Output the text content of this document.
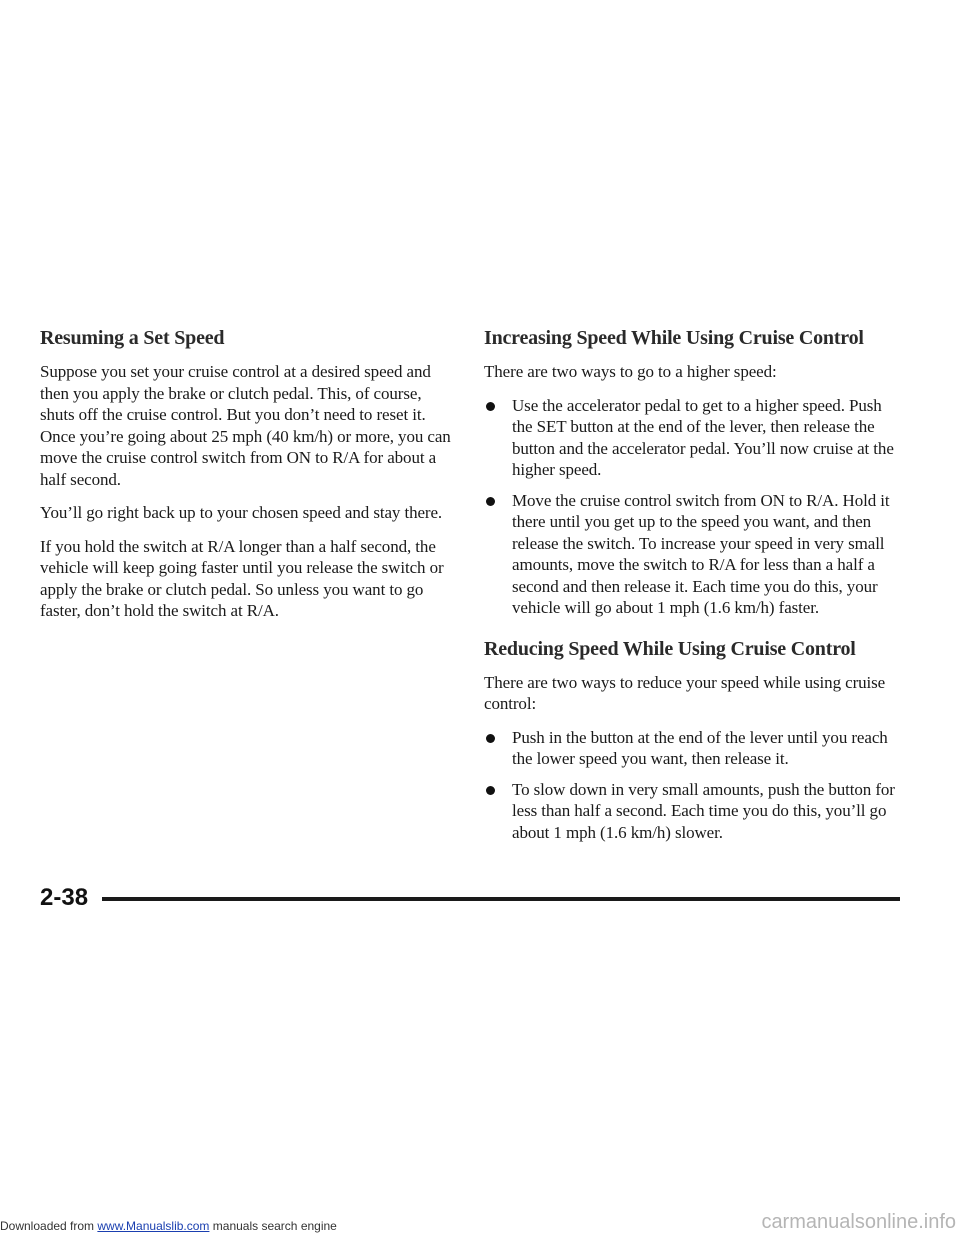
Resuming a Set Speed

Suppose you set your cruise control at a desired speed and then you apply the brake or clutch pedal. This, of course, shuts off the cruise control. But you don’t need to reset it. Once you’re going about 25 mph (40 km/h) or more, you can move the cruise control switch from ON to R/A for about a half second.

You’ll go right back up to your chosen speed and stay there.

If you hold the switch at R/A longer than a half second, the vehicle will keep going faster until you release the switch or apply the brake or clutch pedal. So unless you want to go faster, don’t hold the switch at R/A.

Increasing Speed While Using Cruise Control

There are two ways to go to a higher speed:

Use the accelerator pedal to get to a higher speed. Push the SET button at the end of the lever, then release the button and the accelerator pedal. You’ll now cruise at the higher speed.
Move the cruise control switch from ON to R/A. Hold it there until you get up to the speed you want, and then release the switch. To increase your speed in very small amounts, move the switch to R/A for less than a half a second and then release it. Each time you do this, your vehicle will go about 1 mph (1.6 km/h) faster.
Reducing Speed While Using Cruise Control

There are two ways to reduce your speed while using cruise control:

Push in the button at the end of the lever until you reach the lower speed you want, then release it.
To slow down in very small amounts, push the button for less than half a second. Each time you do this, you’ll go about 1 mph (1.6 km/h) slower.
2-38
Downloaded from www.Manualslib.com manuals search engine	carmanualsonline.info
